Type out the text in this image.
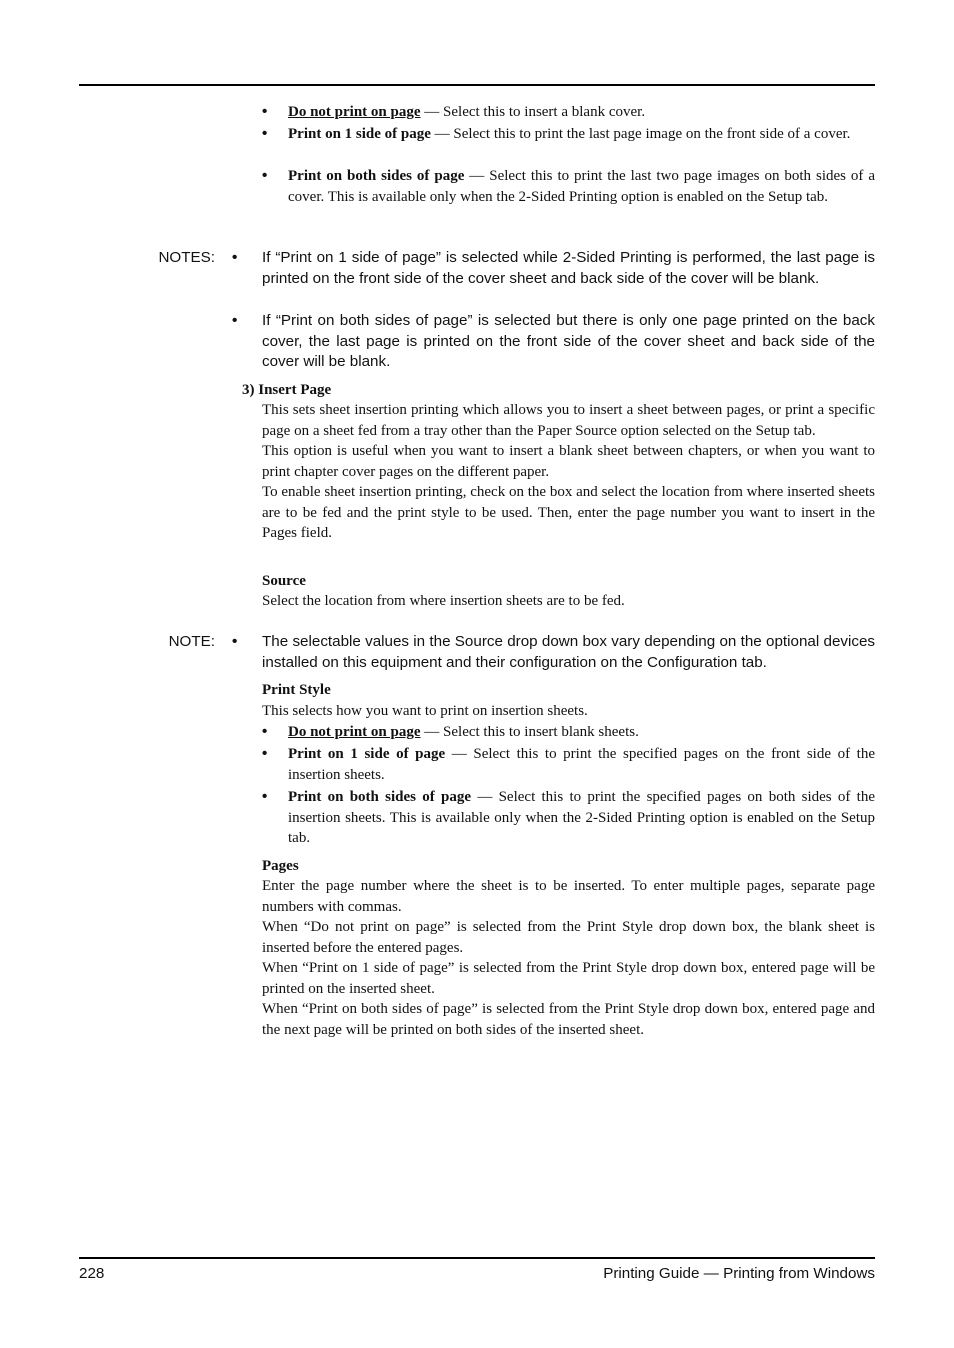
• Do not print on page — Select this to insert a blank cover.
• Print on 1 side of page — Select this to print the last page image on the front side of a cover.
• Print on both sides of page — Select this to print the last two page images on both sides of a cover. This is available only when the 2-Sided Printing option is enabled on the Setup tab.
NOTES: • If “Print on 1 side of page” is selected while 2-Sided Printing is performed, the last page is printed on the front side of the cover sheet and back side of the cover will be blank.
• If “Print on both sides of page” is selected but there is only one page printed on the back cover, the last page is printed on the front side of the cover sheet and back side of the cover will be blank.
3) Insert Page
This sets sheet insertion printing which allows you to insert a sheet between pages, or print a specific page on a sheet fed from a tray other than the Paper Source option selected on the Setup tab.
This option is useful when you want to insert a blank sheet between chapters, or when you want to print chapter cover pages on the different paper.
To enable sheet insertion printing, check on the box and select the location from where inserted sheets are to be fed and the print style to be used. Then, enter the page number you want to insert in the Pages field.
Source
Select the location from where insertion sheets are to be fed.
NOTE: • The selectable values in the Source drop down box vary depending on the optional devices installed on this equipment and their configuration on the Configuration tab.
Print Style
This selects how you want to print on insertion sheets.
• Do not print on page — Select this to insert blank sheets.
• Print on 1 side of page — Select this to print the specified pages on the front side of the insertion sheets.
• Print on both sides of page — Select this to print the specified pages on both sides of the insertion sheets. This is available only when the 2-Sided Printing option is enabled on the Setup tab.
Pages
Enter the page number where the sheet is to be inserted. To enter multiple pages, separate page numbers with commas.
When “Do not print on page” is selected from the Print Style drop down box, the blank sheet is inserted before the entered pages.
When “Print on 1 side of page” is selected from the Print Style drop down box, entered page will be printed on the inserted sheet.
When “Print on both sides of page” is selected from the Print Style drop down box, entered page and the next page will be printed on both sides of the inserted sheet.
228	Printing Guide — Printing from Windows
